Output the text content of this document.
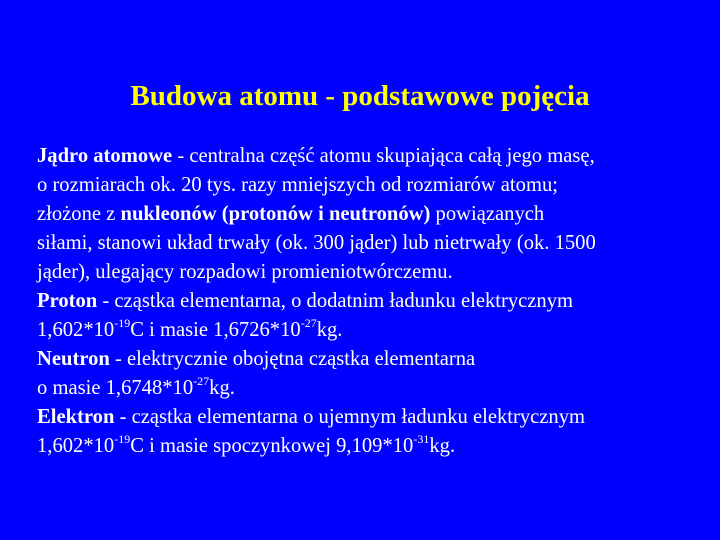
Budowa atomu - podstawowe pojęcia
Jądro atomowe - centralna część atomu skupiająca całą jego masę,
o rozmiarach ok. 20 tys. razy mniejszych od rozmiarów atomu;
złożone z nukleonów (protonów i neutronów) powiązanych
siłami, stanowi układ trwały (ok. 300 jąder) lub nietrwały (ok. 1500
jąder), ulegający rozpadowi promieniotwórczemu.
Proton - cząstka elementarna, o dodatnim ładunku elektrycznym
$1,602*10^{-19}C$ i masie $1,6726*10^{-27}kg$.
Neutron - elektrycznie obojętna cząstka elementarna
o masie $1,6748*10^{-27}kg$.
Elektron - cząstka elementarna o ujemnym ładunku elektrycznym
$1,602*10^{-19}C$ i masie spoczynkowej $9,109*10^{-31}kg$.
